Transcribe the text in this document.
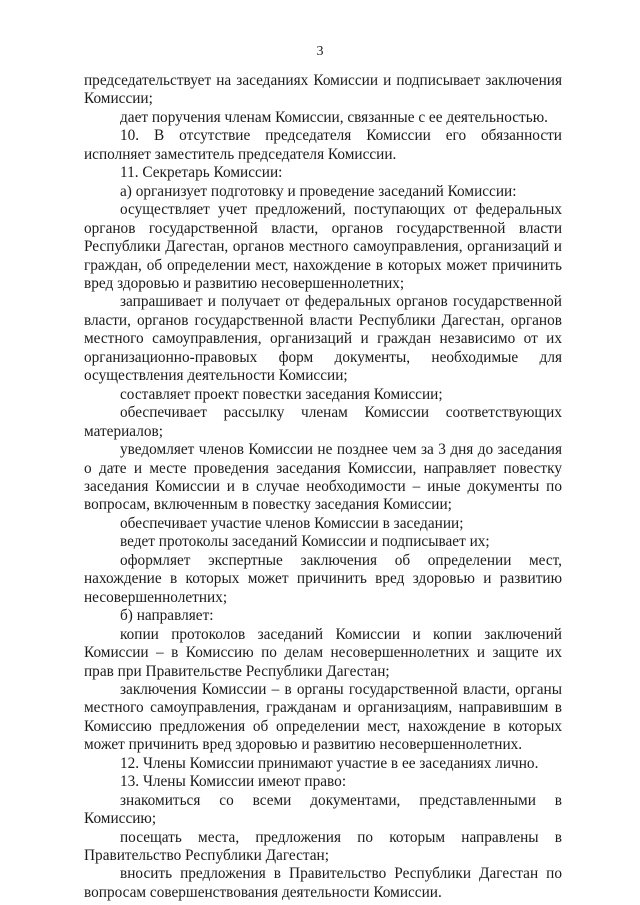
3

председательствует на заседаниях Комиссии и подписывает заключения Комиссии;

дает поручения членам Комиссии, связанные с ее деятельностью.

10. В отсутствие председателя Комиссии его обязанности исполняет заместитель председателя Комиссии.

11. Секретарь Комиссии:

а) организует подготовку и проведение заседаний Комиссии:

осуществляет учет предложений, поступающих от федеральных органов государственной власти, органов государственной власти Республики Дагестан, органов местного самоуправления, организаций и граждан, об определении мест, нахождение в которых может причинить вред здоровью и развитию несовершеннолетних;

запрашивает и получает от федеральных органов государственной власти, органов государственной власти Республики Дагестан, органов местного самоуправления, организаций и граждан независимо от их организационно-правовых форм документы, необходимые для осуществления деятельности Комиссии;

составляет проект повестки заседания Комиссии;

обеспечивает рассылку членам Комиссии соответствующих материалов;

уведомляет членов Комиссии не позднее чем за 3 дня до заседания о дате и месте проведения заседания Комиссии, направляет повестку заседания Комиссии и в случае необходимости – иные документы по вопросам, включенным в повестку заседания Комиссии;

обеспечивает участие членов Комиссии в заседании;

ведет протоколы заседаний Комиссии и подписывает их;

оформляет экспертные заключения об определении мест, нахождение в которых может причинить вред здоровью и развитию несовершеннолетних;

б) направляет:

копии протоколов заседаний Комиссии и копии заключений Комиссии – в Комиссию по делам несовершеннолетних и защите их прав при Правительстве Республики Дагестан;

заключения Комиссии – в органы государственной власти, органы местного самоуправления, гражданам и организациям, направившим в Комиссию предложения об определении мест, нахождение в которых может причинить вред здоровью и развитию несовершеннолетних.

12. Члены Комиссии принимают участие в ее заседаниях лично.

13. Члены Комиссии имеют право:

знакомиться со всеми документами, представленными в Комиссию;

посещать места, предложения по которым направлены в Правительство Республики Дагестан;

вносить предложения в Правительство Республики Дагестан по вопросам совершенствования деятельности Комиссии.
